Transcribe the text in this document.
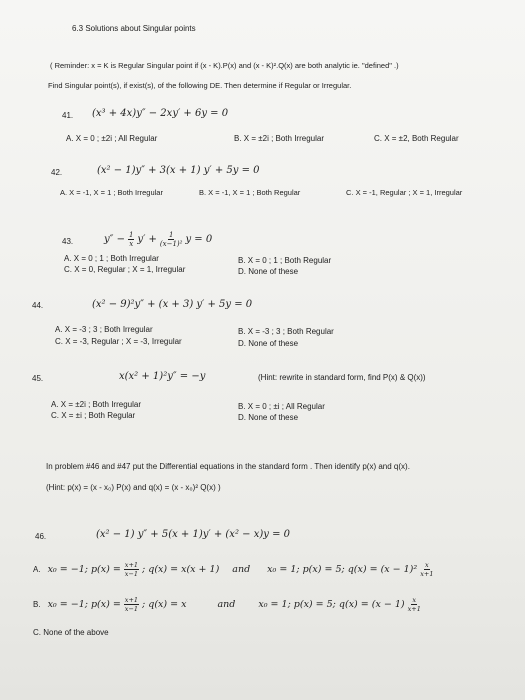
6.3 Solutions about Singular points
( Reminder: x = K is Regular Singular point if (x - K).P(x) and (x - K)².Q(x) are both analytic ie. "defined" .)
Find Singular point(s), if exist(s), of the following DE. Then determine if Regular or Irregular.
41. (x³ + 4x)y″ − 2xy′ + 6y = 0
A. X = 0 ; ±2i ; All Regular	B. X = ±2i ; Both Irregular	C. X = ±2, Both Regular
42.	(x² − 1)y″ + 3(x + 1) y′ + 5y = 0
A. X = -1, X = 1 ; Both Irregular	B. X = -1, X = 1 ; Both Regular	C. X = -1, Regular ; X = 1, Irregular
43.	$y'' - \frac{1}{x} y' + \frac{1}{\text{(x−1)²}}$ y = 0
A. X = 0 ; 1 ; Both Irregular
C. X = 0, Regular ; X = 1, Irregular
B. X = 0 ; 1 ; Both Regular
D. None of these
44.	(x² − 9)²y″ + (x + 3) y′ + 5y = 0
A. X = -3 ; 3 ; Both Irregular
C. X = -3, Regular ; X = -3, Irregular
B. X = -3 ; 3 ; Both Regular
D. None of these
45.	x(x² + 1)²y″ = −y	(Hint: rewrite in standard form, find P(x) & Q(x))
A. X = ±2i ; Both Irregular
C. X = ±i ; Both Regular
B. X = 0 ; ±i ; All Regular
D. None of these
In problem #46 and #47 put the Differential equations in the standard form . Then identify p(x) and q(x).
(Hint: p(x) = (x - x₀) P(x) and q(x) = (x - x₀)² Q(x) )
46.	(x² − 1) y″ + 5(x + 1)y′ + (x² − x)y = 0
A. x₀ = −1; $p(x) = \frac{x+1}{x-1}$ ; q(x) = x(x + 1) and x₀ = 1; p(x) = 5; q(x) = (x − 1)² x
x+1
B. x₀ = −1; $p(x) = \frac{x+1}{x-1}$ ; q(x) = x	and x₀ = 1; p(x) = 5; q(x) = (x − 1) x
x+1
C. None of the above
